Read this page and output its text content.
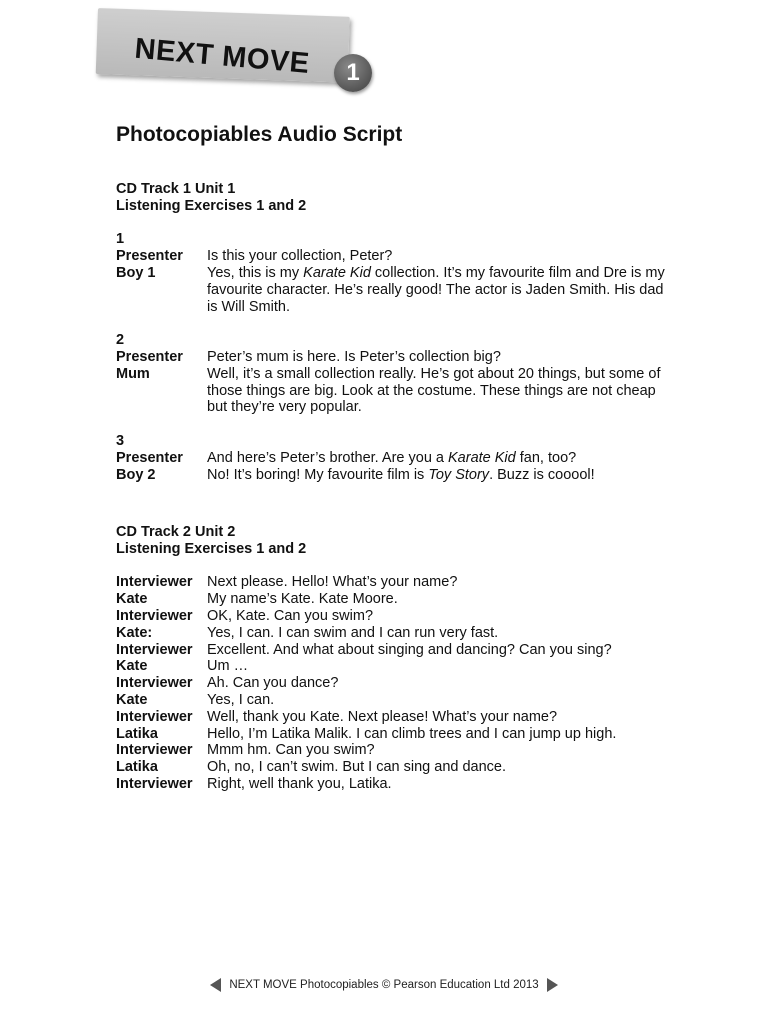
NEXT MOVE	1
Photocopiables Audio Script
CD Track 1 Unit 1
Listening Exercises 1 and 2
1
Presenter	Is this your collection, Peter?
Boy 1	Yes, this is my Karate Kid collection. It’s my favourite film and Dre is my favourite character. He’s really good! The actor is Jaden Smith. His dad is Will Smith.
2
Presenter	Peter’s mum is here. Is Peter’s collection big?
Mum	Well, it’s a small collection really. He’s got about 20 things, but some of those things are big. Look at the costume. These things are not cheap but they’re very popular.
3
Presenter	And here’s Peter’s brother. Are you a Karate Kid fan, too?
Boy 2	No! It’s boring! My favourite film is Toy Story. Buzz is cooool!
CD Track 2 Unit 2
Listening Exercises 1 and 2
Interviewer Next please. Hello! What’s your name?
Kate	My name’s Kate. Kate Moore.
Interviewer OK, Kate. Can you swim?
Kate:	Yes, I can. I can swim and I can run very fast.
Interviewer Excellent. And what about singing and dancing? Can you sing?
Kate	Um …
Interviewer Ah. Can you dance?
Kate	Yes, I can.
Interviewer Well, thank you Kate. Next please! What’s your name?
Latika	Hello, I’m Latika Malik. I can climb trees and I can jump up high.
Interviewer Mmm hm. Can you swim?
Latika	Oh, no, I can’t swim. But I can sing and dance.
Interviewer Right, well thank you, Latika.
NEXT MOVE Photocopiables © Pearson Education Ltd 2013
